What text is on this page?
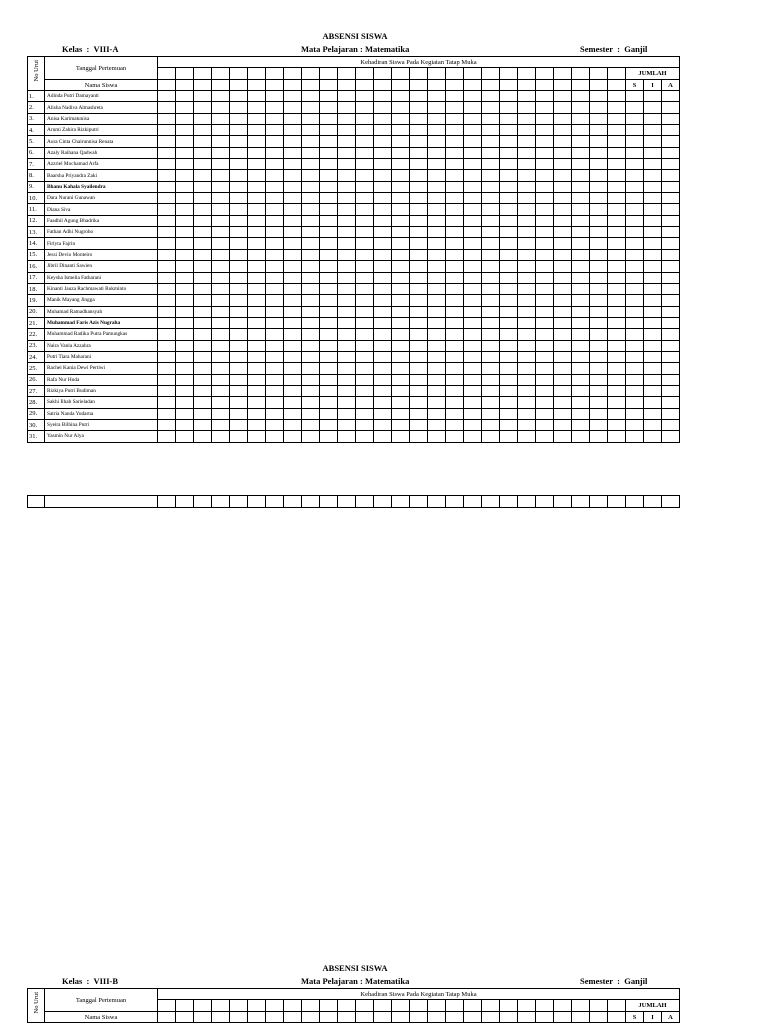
ABSENSI SISWA
Kelas  :  VIII-A	Mata Pelajaran : Matematika	Semester  :  Ganjil
No Urut	Tanggal Pertemuan	Kehadiran Siswa Pada Kegiatan Tatap Muka																												
																												JUMLAH		
	Nama Siswa																											S	I	A
1.	Adinda Putri Damayanti																													
2.	Alisha Nadiva Almashreta																													
3.	Anisa Karimatunisa																													
4.	Arumi Zahira Rizkiputri																													
5.	Aura Cinta Chairunnisa Renata																													
6.	Azaly Raihana Qadwah																													
7.	Azzriel Mochamad Arfa																													
8.	Baarsha Priyandra Zaki																													
9.	Bhanu Kahala Syailendra																													
10.	Dara Nurani Gunawan																													
11.	Diana Siva																													
12.	Faadhil Agung Bhadrika																													
13.	Fathan Adhi Nugroho																													
14.	Firlyta Fajrin																													
15.	Jessi Devio Monteiro																													
16.	Jibril Dinanti Sawien																													
17.	Keysha Ismelia Fatharani																													
18.	Kinanti Jauza Rachmawati Rukminto																													
19.	Manik Mayang Jingga																													
20.	Muhamad Ramadhansyah																													
21.	Muhammad Faris Azis Nugraha																													
22.	Muhammad Radika Putra Pamungkas																													
23.	Naira Vanla Azzahra																													
24.	Putri Tiara Maharani																													
25.	Rachel Kania Dewi Pertiwi																													
26.	Rafa Nur Huda																													
27.	Rizkiya Putri Budiman																													
28.	Sakhi Ilhab Sarieladan																													
29.	Satria Nanda Yudarna																													
30.	Syeira Bilhina Putri																													
31.	Yasmin Nur Alya																													

ABSENSI SISWA
Kelas  :  VIII-B	Mata Pelajaran : Matematika	Semester  :  Ganjil
No Urut	Tanggal Pertemuan	Kehadiran Siswa Pada Kegiatan Tatap Muka																												
																												JUMLAH		
	Nama Siswa																											S	I	A
